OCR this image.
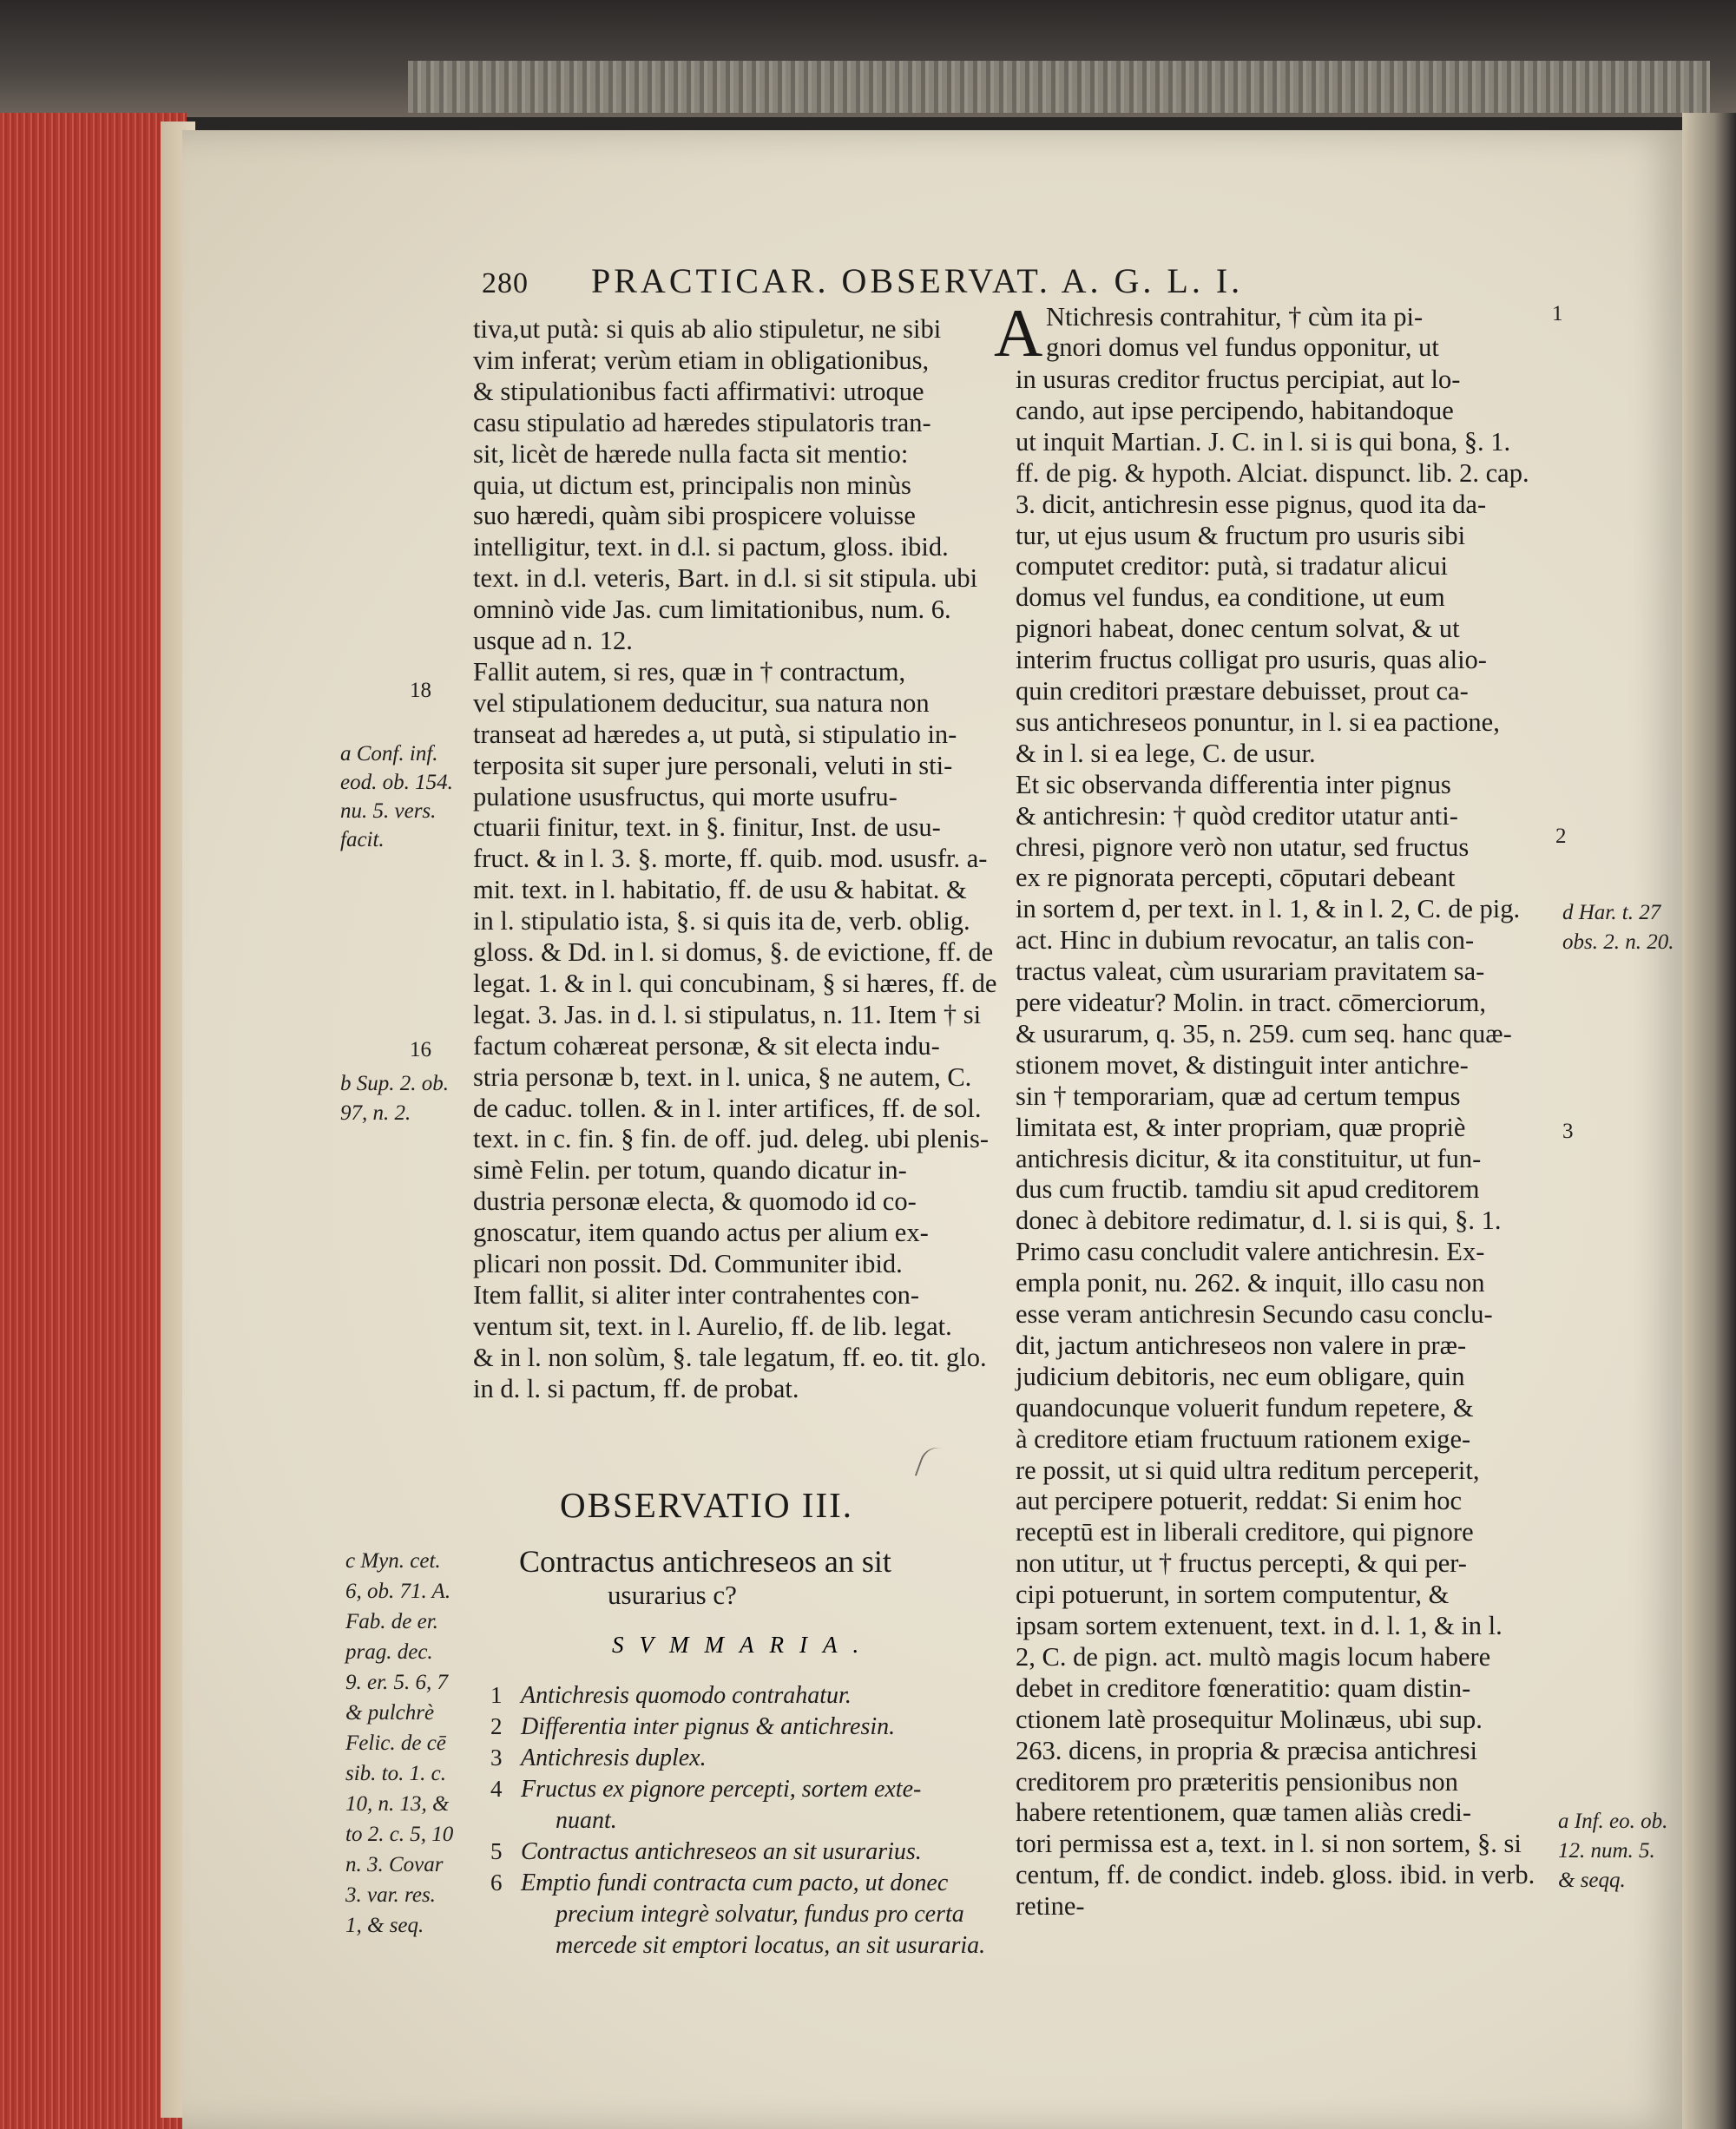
280 PRACTICAR. OBSERVAT. A. G. L. I.
tiva,ut putà: si quis ab alio stipuletur, ne sibi
vim inferat; verùm etiam in obligationibus,
& stipulationibus facti affirmativi: utroque
casu stipulatio ad hæredes stipulatoris tran-
sit, licèt de hærede nulla facta sit mentio:
quia, ut dictum est, principalis non minùs
suo hæredi, quàm sibi prospicere voluisse
intelligitur, text. in d.l. si pactum, gloss. ibid.
text. in d.l. veteris, Bart. in d.l. si sit stipula. ubi
omninò vide Jas. cum limitationibus, num. 6.
usque ad n. 12.
Fallit autem, si res, quæ in † contractum,
vel stipulationem deducitur, sua natura non
transeat ad hæredes a, ut putà, si stipulatio in-
terposita sit super jure personali, veluti in sti-
pulatione ususfructus, qui morte usufru-
ctuarii finitur, text. in §. finitur, Inst. de usu-
fruct. & in l. 3. §. morte, ff. quib. mod. ususfr. a-
mit. text. in l. habitatio, ff. de usu & habitat. &
in l. stipulatio ista, §. si quis ita de, verb. oblig.
gloss. & Dd. in l. si domus, §. de evictione, ff. de
legat. 1. & in l. qui concubinam, § si hæres, ff. de
legat. 3. Jas. in d. l. si stipulatus, n. 11. Item † si
factum cohæreat personæ, & sit electa indu-
stria personæ b, text. in l. unica, § ne autem, C.
de caduc. tollen. & in l. inter artifices, ff. de sol.
text. in c. fin. § fin. de off. jud. deleg. ubi plenis-
simè Felin. per totum, quando dicatur in-
dustria personæ electa, & quomodo id co-
gnoscatur, item quando actus per alium ex-
plicari non possit. Dd. Communiter ibid.
Item fallit, si aliter inter contrahentes con-
ventum sit, text. in l. Aurelio, ff. de lib. legat.
& in l. non solùm, §. tale legatum, ff. eo. tit. glo.
in d. l. si pactum, ff. de probat.
18
a Conf. inf.
eod. ob. 154.
nu. 5. vers.
facit.
16
b Sup. 2. ob.
97, n. 2.
c Myn. cet.
6, ob. 71. A.
Fab. de er.
prag. dec.
9. er. 5. 6, 7
& pulchrè
Felic. de cē
sib. to. 1. c.
10, n. 13, &
to 2. c. 5, 10
n. 3. Covar
3. var. res.
1, & seq.
OBSERVATIO III.
Contractus antichreseos an sit
usurarius c?
SVMMARIA.
1 Antichresis quomodo contrahatur.
2 Differentia inter pignus & antichresin.
3 Antichresis duplex.
4 Fructus ex pignore percepti, sortem exte-
nuant.
5 Contractus antichreseos an sit usurarius.
6 Emptio fundi contracta cum pacto, ut donec
precium integrè solvatur, fundus pro certa
mercede sit emptori locatus, an sit usuraria.
A Ntichresis contrahitur, † cùm ita pi-
gnori domus vel fundus opponitur, ut
in usuras creditor fructus percipiat, aut lo-
cando, aut ipse percipendo, habitandoque
ut inquit Martian. J. C. in l. si is qui bona, §. 1.
ff. de pig. & hypoth. Alciat. dispunct. lib. 2. cap.
3. dicit, antichresin esse pignus, quod ita da-
tur, ut ejus usum & fructum pro usuris sibi
computet creditor: putà, si tradatur alicui
domus vel fundus, ea conditione, ut eum
pignori habeat, donec centum solvat, & ut
interim fructus colligat pro usuris, quas alio-
quin creditori præstare debuisset, prout ca-
sus antichreseos ponuntur, in l. si ea pactione,
& in l. si ea lege, C. de usur.
Et sic observanda differentia inter pignus
& antichresin: † quòd creditor utatur anti-
chresi, pignore verò non utatur, sed fructus
ex re pignorata percepti, cōputari debeant
in sortem d, per text. in l. 1, & in l. 2, C. de pig.
act. Hinc in dubium revocatur, an talis con-
tractus valeat, cùm usurariam pravitatem sa-
pere videatur? Molin. in tract. cōmerciorum,
& usurarum, q. 35, n. 259. cum seq. hanc quæ-
stionem movet, & distinguit inter antichre-
sin † temporariam, quæ ad certum tempus
limitata est, & inter propriam, quæ propriè
antichresis dicitur, & ita constituitur, ut fun-
dus cum fructib. tamdiu sit apud creditorem
donec à debitore redimatur, d. l. si is qui, §. 1.
Primo casu concludit valere antichresin. Ex-
empla ponit, nu. 262. & inquit, illo casu non
esse veram antichresin Secundo casu conclu-
dit, jactum antichreseos non valere in præ-
judicium debitoris, nec eum obligare, quin
quandocunque voluerit fundum repetere, &
à creditore etiam fructuum rationem exige-
re possit, ut si quid ultra reditum perceperit,
aut percipere potuerit, reddat: Si enim hoc
receptū est in liberali creditore, qui pignore
non utitur, ut † fructus percepti, & qui per-
cipi potuerunt, in sortem computentur, &
ipsam sortem extenuent, text. in d. l. 1, & in l.
2, C. de pign. act. multò magis locum habere
debet in creditore fœneratitio: quam distin-
ctionem latè prosequitur Molinæus, ubi sup.
263. dicens, in propria & præcisa antichresi
creditorem pro præteritis pensionibus non
habere retentionem, quæ tamen aliàs credi-
tori permissa est a, text. in l. si non sortem, §. si
centum, ff. de condict. indeb. gloss. ibid. in verb.
retine-
1
2
d Har. t. 27
obs. 2. n. 20.
3
a Inf. eo. ob.
12. num. 5.
& seqq.
